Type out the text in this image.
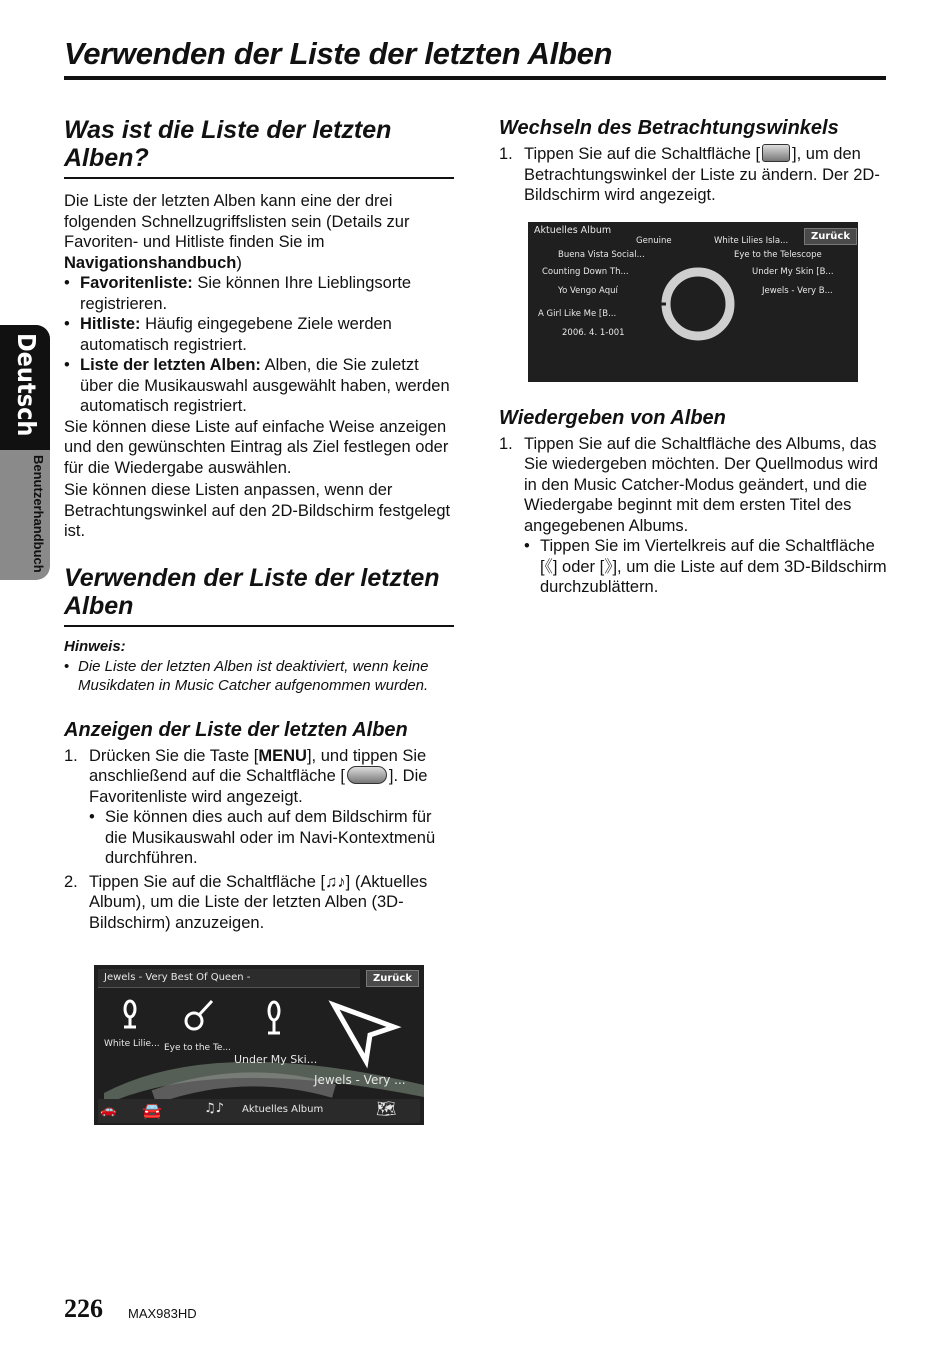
Verwenden der Liste der letzten Alben
Deutsch
Benutzerhandbuch
Was ist die Liste der letzten Alben?

Die Liste der letzten Alben kann eine der drei folgenden Schnellzugriffslisten sein (Details zur Favoriten- und Hitliste finden Sie im Navigationshandbuch)

• Favoritenliste: Sie können Ihre Lieblingsorte registrieren.
• Hitliste: Häufig eingegebene Ziele werden automatisch registriert.
• Liste der letzten Alben: Alben, die Sie zuletzt über die Musikauswahl ausgewählt haben, werden automatisch registriert.

Sie können diese Liste auf einfache Weise anzeigen und den gewünschten Eintrag als Ziel festlegen oder für die Wiedergabe auswählen.

Sie können diese Listen anpassen, wenn der Betrachtungswinkel auf den 2D-Bildschirm festgelegt ist.

Verwenden der Liste der letzten Alben
Hinweis:
• Die Liste der letzten Alben ist deaktiviert, wenn keine Musikdaten in Music Catcher aufgenommen wurden.
Anzeigen der Liste der letzten Alben
1. Drücken Sie die Taste [MENU], und tippen Sie anschließend auf die Schaltfläche [	]. Die Favoritenliste wird angezeigt.
• Sie können dies auch auf dem Bildschirm für die Musikauswahl oder im Navi-Kontextmenü durchführen.
2. Tippen Sie auf die Schaltfläche [♫♪] (Aktuelles Album), um die Liste der letzten Alben (3D-Bildschirm) anzuzeigen.
Jewels - Very Best Of Queen -	Zurück
White Lilie... Eye to the Te...
Under My Ski...
Jewels - Very ...
🚗 🚘	♫♪ Aktuelles Album	🗺
Wechseln des Betrachtungswinkels
1. Tippen Sie auf die Schaltfläche [ ], um den Betrachtungswinkel der Liste zu ändern. Der 2D-Bildschirm wird angezeigt.
Wiedergeben von Alben
1. Tippen Sie auf die Schaltfläche des Albums, das Sie wiedergeben möchten. Der Quellmodus wird in den Music Catcher-Modus geändert, und die Wiedergabe beginnt mit dem ersten Titel des angegebenen Albums.
• Tippen Sie im Viertelkreis auf die Schaltfläche [《] oder [》], um die Liste auf dem 3D-Bildschirm durchzublättern.
Aktuelles Album
Zurück
Genuine	White Lilies Isla...
Buena Vista Social...	Eye to the Telescope
Counting Down Th...	Under My Skin [B...
Yo Vengo Aquí	Jewels - Very B...
A Girl Like Me [B...
2006. 4. 1-001
226 MAX983HD
